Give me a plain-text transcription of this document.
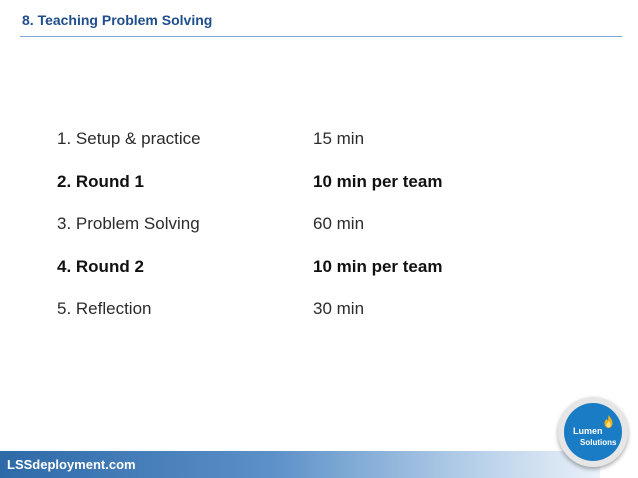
8. Teaching Problem Solving
1. Setup & practice	15 min
2. Round 1	10 min per team
3. Problem Solving	60 min
4. Round 2	10 min per team
5. Reflection	30 min
LSSdeployment.com
Lumen
Solutions
